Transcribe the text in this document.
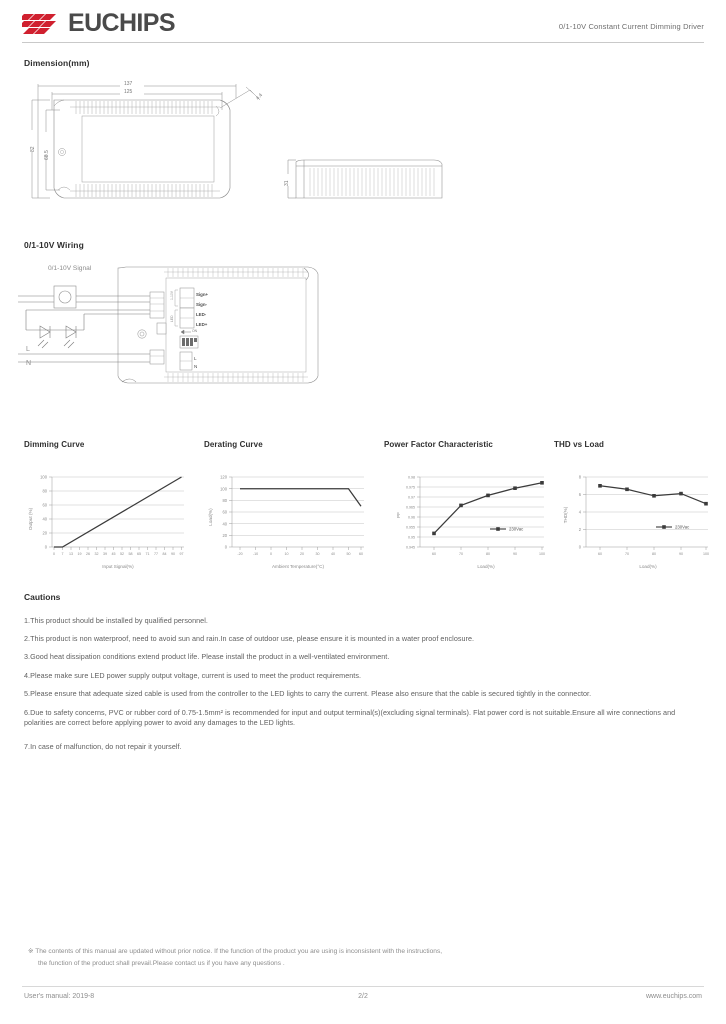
EUCHIPS	0/1-10V Constant Current Dimming Driver
Dimension(mm)
137
125
82
68.5
4.4
31
0/1-10V Wiring
Sign+
Sign-
LED-
LED+
L
N
ON
1-10V
LED
0/1-10V Signal
L
N
Dimming Curve
100
80
60
40
20
0
Output (%)
0 7 13 19 26 32 39 45 52 58 65 71 77 84 90 97
Input Signal(%)
Derating Curve
120
100
80
60
40
20
0
Load(%)
-20	-10	0	10	20	30	40	50 60
Ambient Temperature(°C)
Power Factor Characteristic
0.98
0.975
0.97
0.965
0.96
0.955
0.95
0.945
PF
60	70	80	90	100
Load(%)
230Vac
THD vs Load
8
6
4
2
0
THD(%)
60	70	80	90	100
Load(%)
230Vac
Cautions
1.This product should be installed by qualified personnel.
2.This product is non waterproof, need to avoid sun and rain.In case of outdoor use, please ensure it is mounted in a water proof enclosure.
3.Good heat dissipation conditions extend product life. Please install the product in a well-ventilated environment.
4.Please make sure LED power supply output voltage, current is used to meet the product requirements.
5.Please ensure that adequate sized cable is used from the controller to the LED lights to carry the current. Please also ensure that the cable is secured tightly in the connector.
6.Due to safety concerns, PVC or rubber cord of 0.75-1.5mm² is recommended for input and output terminal(s)(excluding signal terminals). Flat power cord is not suitable.Ensure all wire connections and polarities are correct before applying power to avoid any damages to the LED lights.
7.In case of malfunction, do not repair it yourself.
※ The contents of this manual are updated without prior notice. If the function of the product you are using is inconsistent with the instructions,
the function of the product shall prevail.Please contact us if you have any questions .
User's manual: 2019-8	2/2	www.euchips.com
